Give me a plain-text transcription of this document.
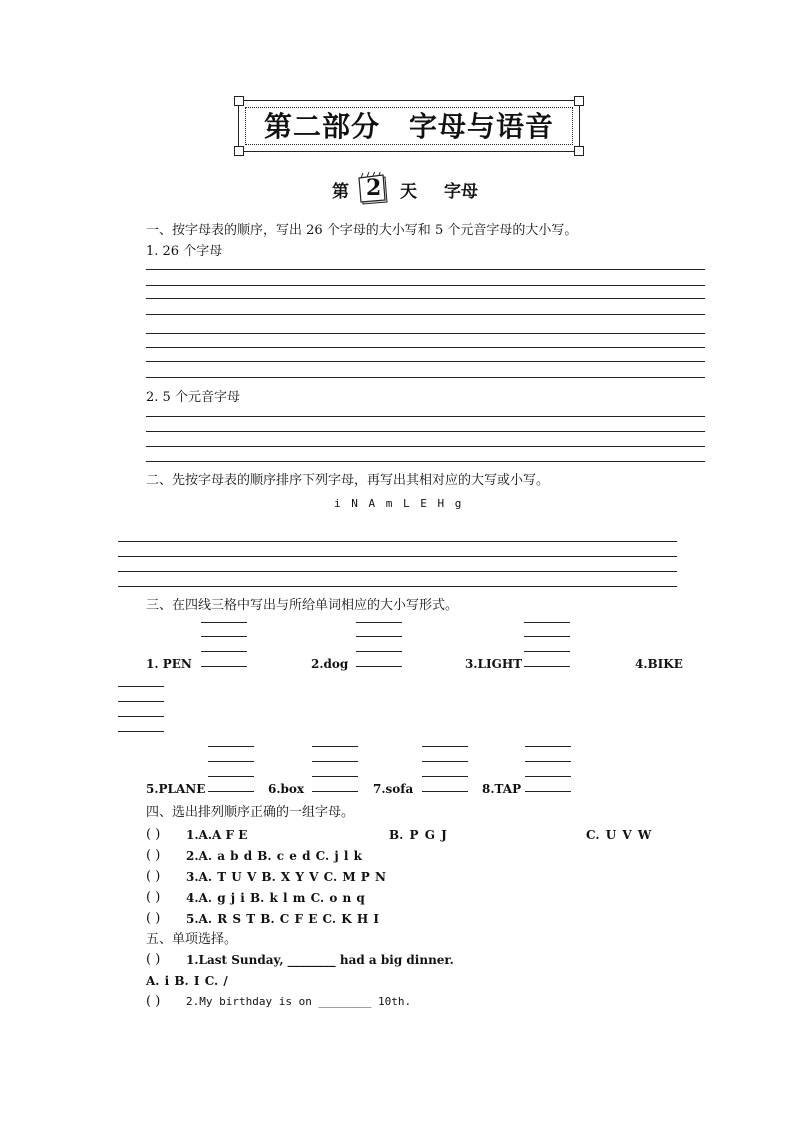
第二部分　字母与语音
第 2 天 字母
一、按字母表的顺序，写出 26 个字母的大小写和 5 个元音字母的大小写。
1. 26 个字母
2. 5 个元音字母
二、先按字母表的顺序排序下列字母，再写出其相对应的大写或小写。
i N A m L E H g
三、在四线三格中写出与所给单词相应的大小写形式。
1. PEN	2.dog	3.LIGHT	4.BIKE
5.PLANE	6.box	7.sofa	8.TAP
四、选出排列顺序正确的一组字母。
( ) 1.A.A F E	B. P G J	C. U V W
( ) 2.A. a b d B. c e d C. j l k
( ) 3.A. T U V B. X Y V C. M P N
( ) 4.A. g j i B. k l m C. o n q
( ) 5.A. R S T B. C F E C. K H I
五、单项选择。
( ) 1.Last Sunday, ________ had a big dinner.
A. i B. I C. /
( ) 2.My birthday is on ________ 10th.
